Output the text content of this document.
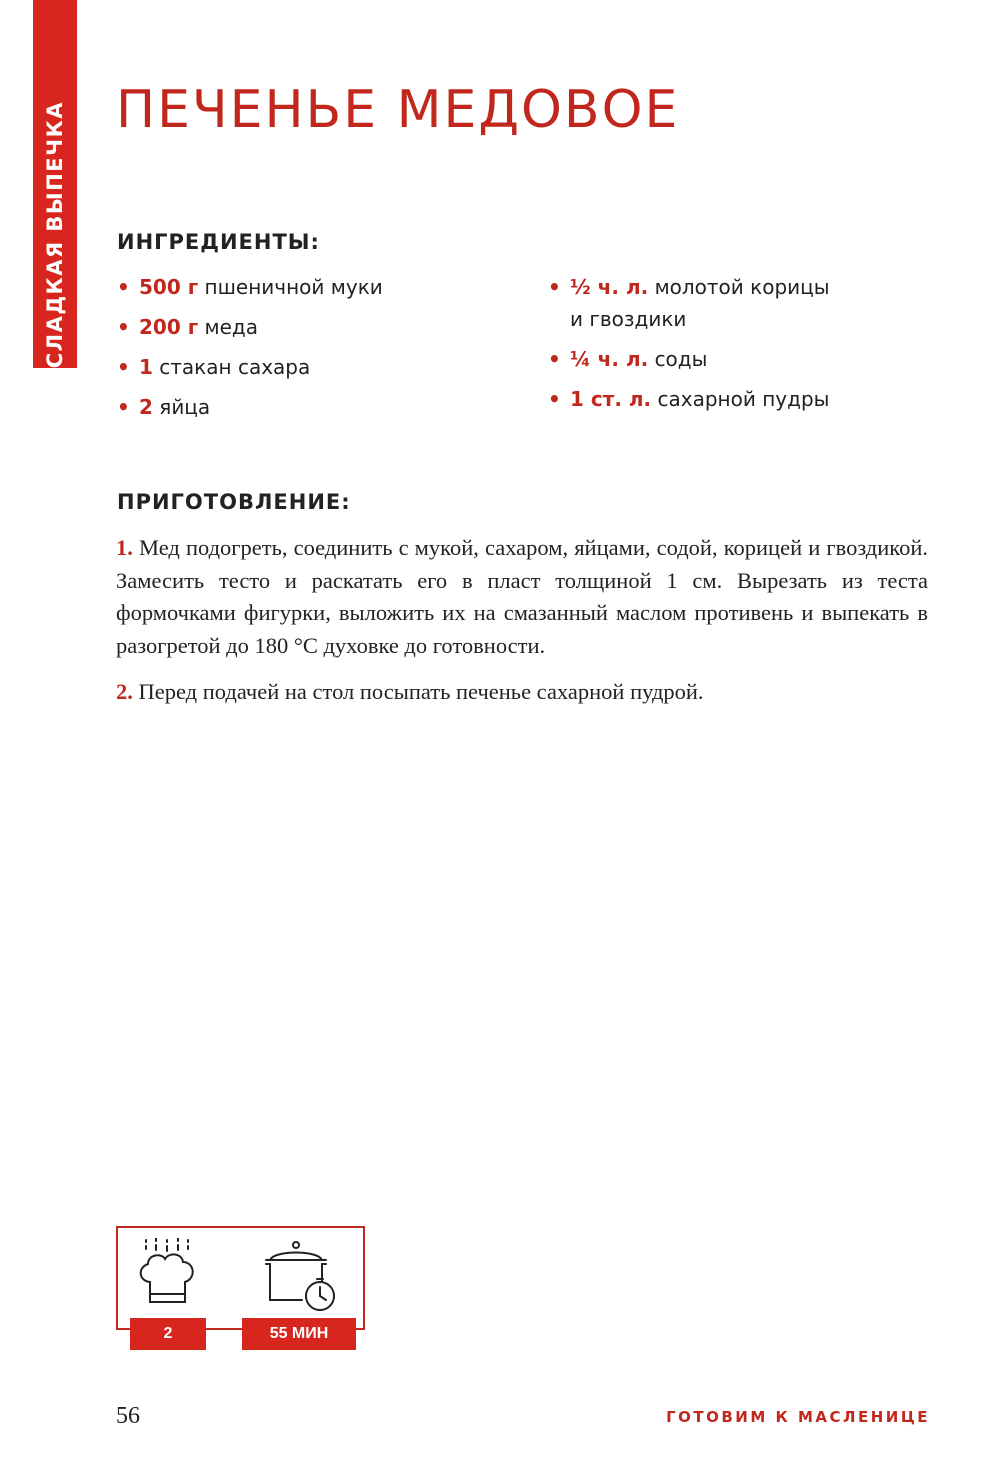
СЛАДКАЯ ВЫПЕЧКА ПЕЧЕНЬЕ МЕДОВОЕ
ИНГРЕДИЕНТЫ:
• 500 г пшеничной муки
• 200 г меда
• 1 стакан сахара
• 2 яйца
• ½ ч. л. молотой корицы
и гвоздики
• ¼ ч. л. соды
• 1 ст. л. сахарной пудры
ПРИГОТОВЛЕНИЕ:

1. Мед подогреть, соединить с мукой, сахаром, яйцами, содой, корицей и гвоздикой. Замесить тесто и раскатать его в пласт толщиной 1 см. Вырезать из теста формочками фигурки, выложить их на смазанный маслом противень и выпекать в разогретой до 180 °С духовке до готовности.

2. Перед подачей на стол посыпать печенье сахарной пудрой.

2	55 МИН
56	ГОТОВИМ К МАСЛЕНИЦЕ
